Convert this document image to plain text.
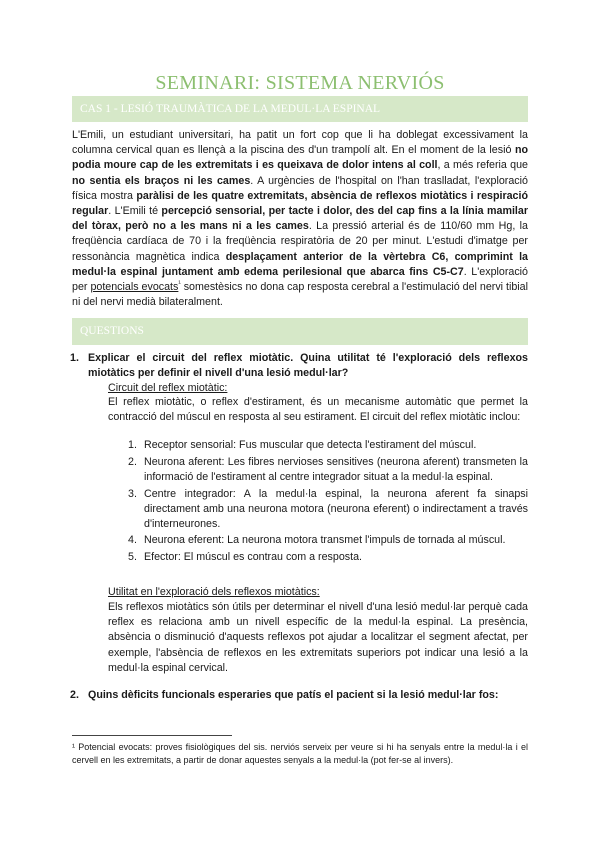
SEMINARI: SISTEMA NERVIÓS
CAS 1 - LESIÓ TRAUMÀTICA DE LA MEDUL·LA ESPINAL
L'Emili, un estudiant universitari, ha patit un fort cop que li ha doblegat excessivament la columna cervical quan es llençà a la piscina des d'un trampolí alt. En el moment de la lesió no podia moure cap de les extremitats i es queixava de dolor intens al coll, a més referia que no sentia els braços ni les cames. A urgències de l'hospital on l'han traslladat, l'exploració física mostra paràlisi de les quatre extremitats, absència de reflexos miotàtics i respiració regular. L'Emili té percepció sensorial, per tacte i dolor, des del cap fins a la línia mamilar del tòrax, però no a les mans ni a les cames. La pressió arterial és de 110/60 mm Hg, la freqüència cardíaca de 70 i la freqüència respiratòria de 20 per minut. L'estudi d'imatge per ressonància magnètica indica desplaçament anterior de la vèrtebra C6, comprimint la medul·la espinal juntament amb edema perilesional que abarca fins C5-C7. L'exploració per potencials evocats$^{^1}$ somestèsics no dona cap resposta cerebral a l'estimulació del nervi tibial ni del nervi medià bilateralment.
QUESTIONS
1. Explicar el circuit del reflex miotàtic. Quina utilitat té l'exploració dels reflexos miotàtics per definir el nivell d'una lesió medul·lar?
Circuit del reflex miotàtic:
El reflex miotàtic, o reflex d'estirament, és un mecanisme automàtic que permet la contracció del múscul en resposta al seu estirament. El circuit del reflex miotàtic inclou:
1. Receptor sensorial: Fus muscular que detecta l'estirament del múscul.
2. Neurona aferent: Les fibres nervioses sensitives (neurona aferent) transmeten la informació de l'estirament al centre integrador situat a la medul·la espinal.
3. Centre integrador: A la medul·la espinal, la neurona aferent fa sinapsi directament amb una neurona motora (neurona eferent) o indirectament a través d'interneurones.
4. Neurona eferent: La neurona motora transmet l'impuls de tornada al múscul.
5. Efector: El múscul es contrau com a resposta.
Utilitat en l'exploració dels reflexos miotàtics:
Els reflexos miotàtics són útils per determinar el nivell d'una lesió medul·lar perquè cada reflex es relaciona amb un nivell específic de la medul·la espinal. La presència, absència o disminució d'aquests reflexos pot ajudar a localitzar el segment afectat, per exemple, l'absència de reflexos en les extremitats superiors pot indicar una lesió a la medul·la espinal cervical.
2. Quins dèficits funcionals esperaries que patís el pacient si la lesió medul·lar fos:
¹ Potencial evocats: proves fisiològiques del sis. nerviós serveix per veure si hi ha senyals entre la medul·la i el cervell en les extremitats, a partir de donar aquestes senyals a la medul·la (pot fer-se al invers).
